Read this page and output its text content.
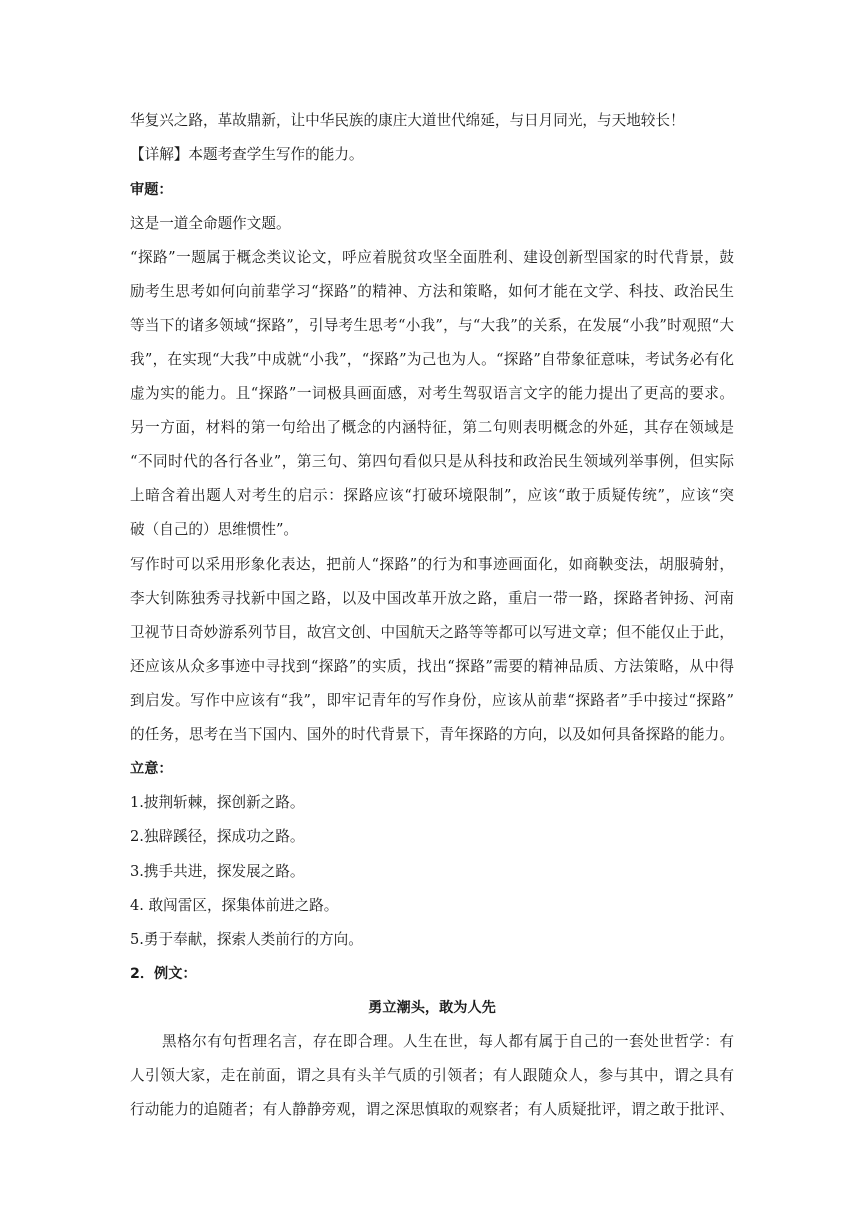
华复兴之路，革故鼎新，让中华民族的康庄大道世代绵延，与日月同光，与天地较长！
【详解】本题考查学生写作的能力。
审题：
这是一道全命题作文题。
“探路”一题属于概念类议论文，呼应着脱贫攻坚全面胜利、建设创新型国家的时代背景，鼓
励考生思考如何向前辈学习“探路”的精神、方法和策略，如何才能在文学、科技、政治民生
等当下的诸多领域“探路”，引导考生思考“小我”，与“大我”的关系，在发展“小我”时观照“大
我”，在实现“大我”中成就“小我”，“探路”为己也为人。“探路”自带象征意味，考试务必有化
虚为实的能力。且“探路”一词极具画面感，对考生驾驭语言文字的能力提出了更高的要求。
另一方面，材料的第一句给出了概念的内涵特征，第二句则表明概念的外延，其存在领域是
“不同时代的各行各业”，第三句、第四句看似只是从科技和政治民生领域列举事例，但实际
上暗含着出题人对考生的启示：探路应该“打破环境限制”，应该“敢于质疑传统”，应该“突
破（自己的）思维惯性”。
写作时可以采用形象化表达，把前人“探路”的行为和事迹画面化，如商鞅变法，胡服骑射，
李大钊陈独秀寻找新中国之路，以及中国改革开放之路，重启一带一路，探路者钟扬、河南
卫视节日奇妙游系列节目，故宫文创、中国航天之路等等都可以写进文章；但不能仅止于此，
还应该从众多事迹中寻找到“探路”的实质，找出“探路”需要的精神品质、方法策略，从中得
到启发。写作中应该有“我”，即牢记青年的写作身份，应该从前辈“探路者”手中接过“探路”
的任务，思考在当下国内、国外的时代背景下，青年探路的方向，以及如何具备探路的能力。
立意：
1.披荆斩棘，探创新之路。
2.独辟蹊径，探成功之路。
3.携手共进，探发展之路。
4. 敢闯雷区，探集体前进之路。
5.勇于奉献，探索人类前行的方向。
2．例文：
勇立潮头，敢为人先
黑格尔有句哲理名言，存在即合理。人生在世，每人都有属于自己的一套处世哲学：有
人引领大家，走在前面，谓之具有头羊气质的引领者；有人跟随众人，参与其中，谓之具有
行动能力的追随者；有人静静旁观，谓之深思慎取的观察者；有人质疑批评，谓之敢于批评、
